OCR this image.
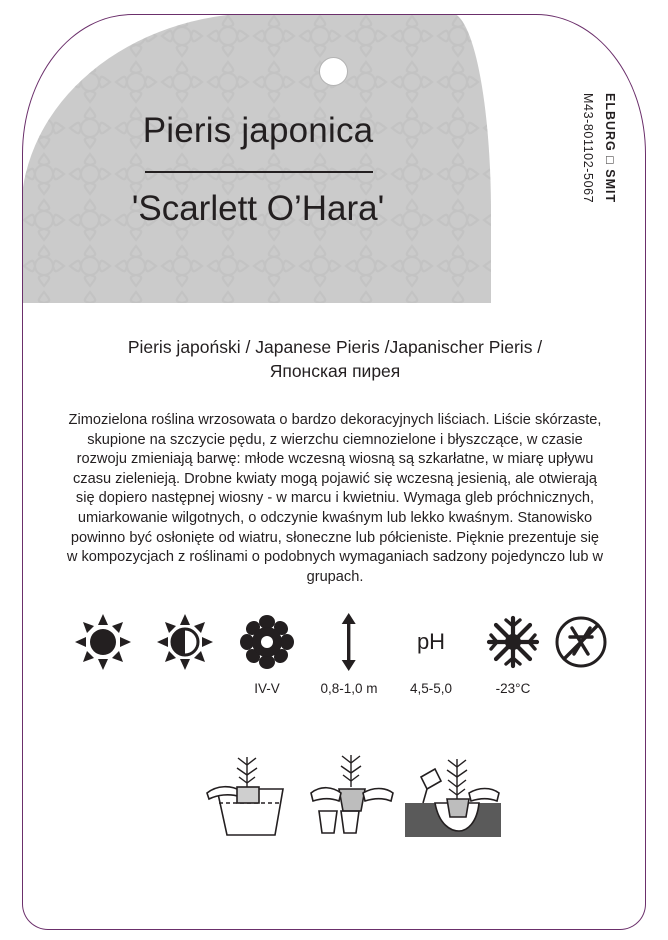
Pieris japonica
'Scarlett O’Hara'
M43-801102-5067 ELBURG □ SMIT
Pieris japoński / Japanese Pieris /Japanischer Pieris /
Японская пирея
Zimozielona roślina wrzosowata o bardzo dekoracyjnych liściach. Liście skórzaste, skupione na szczycie pędu, z wierzchu ciemnozielone i błyszczące, w czasie rozwoju zmieniają barwę: młode wczesną wiosną są szkarłatne, w miarę upływu czasu zielenieją. Drobne kwiaty mogą pojawić się wczesną jesienią, ale otwierają się dopiero następnej wiosny - w marcu i kwietniu. Wymaga gleb próchnicznych, umiarkowanie wilgotnych, o odczynie kwaśnym lub lekko kwaśnym. Stanowisko powinno być osłonięte od wiatru, słoneczne lub półcieniste. Pięknie prezentuje się w kompozycjach z roślinami o podobnych wymaganiach sadzony pojedynczo lub w grupach.
IV-V	0,8-1,0 m
pH
4,5-5,0	-23°C
